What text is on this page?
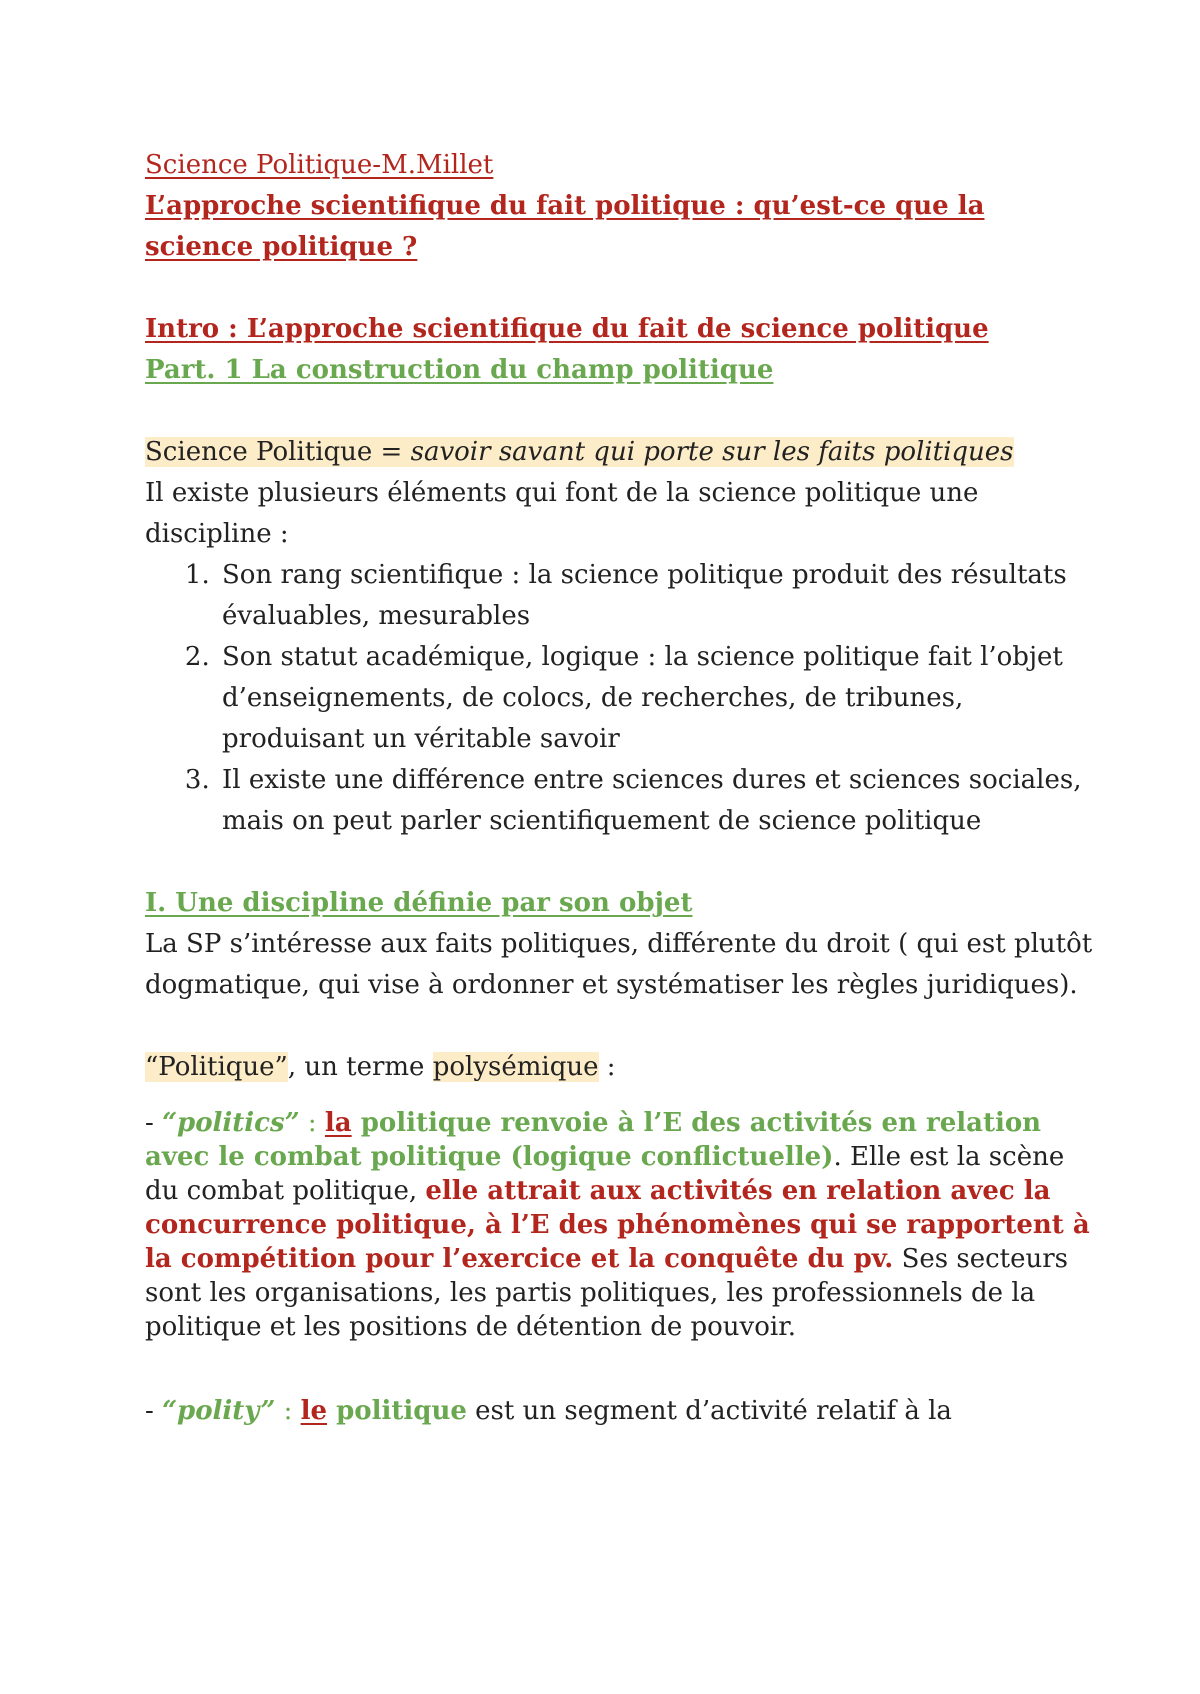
Science Politique-M.Millet

L’approche scientifique du fait politique : qu’est-ce que la science politique ?

Intro : L’approche scientifique du fait de science politique

Part. 1 La construction du champ politique

Science Politique = savoir savant qui porte sur les faits politiques

Il existe plusieurs éléments qui font de la science politique une discipline :

1. Son rang scientifique : la science politique produit des résultats évaluables, mesurables
2. Son statut académique, logique : la science politique fait l’objet d’enseignements, de colocs, de recherches, de tribunes, produisant un véritable savoir
3. Il existe une différence entre sciences dures et sciences sociales, mais on peut parler scientifiquement de science politique

I. Une discipline définie par son objet

La SP s’intéresse aux faits politiques, différente du droit ( qui est plutôt dogmatique, qui vise à ordonner et systématiser les règles juridiques).

“Politique”, un terme polysémique :

- “politics” : la politique renvoie à l’E des activités en relation avec le combat politique (logique conflictuelle). Elle est la scène du combat politique, elle attrait aux activités en relation avec la concurrence politique, à l’E des phénomènes qui se rapportent à la compétition pour l’exercice et la conquête du pv. Ses secteurs sont les organisations, les partis politiques, les professionnels de la politique et les positions de détention de pouvoir.

- “polity” : le politique est un segment d’activité relatif à la
